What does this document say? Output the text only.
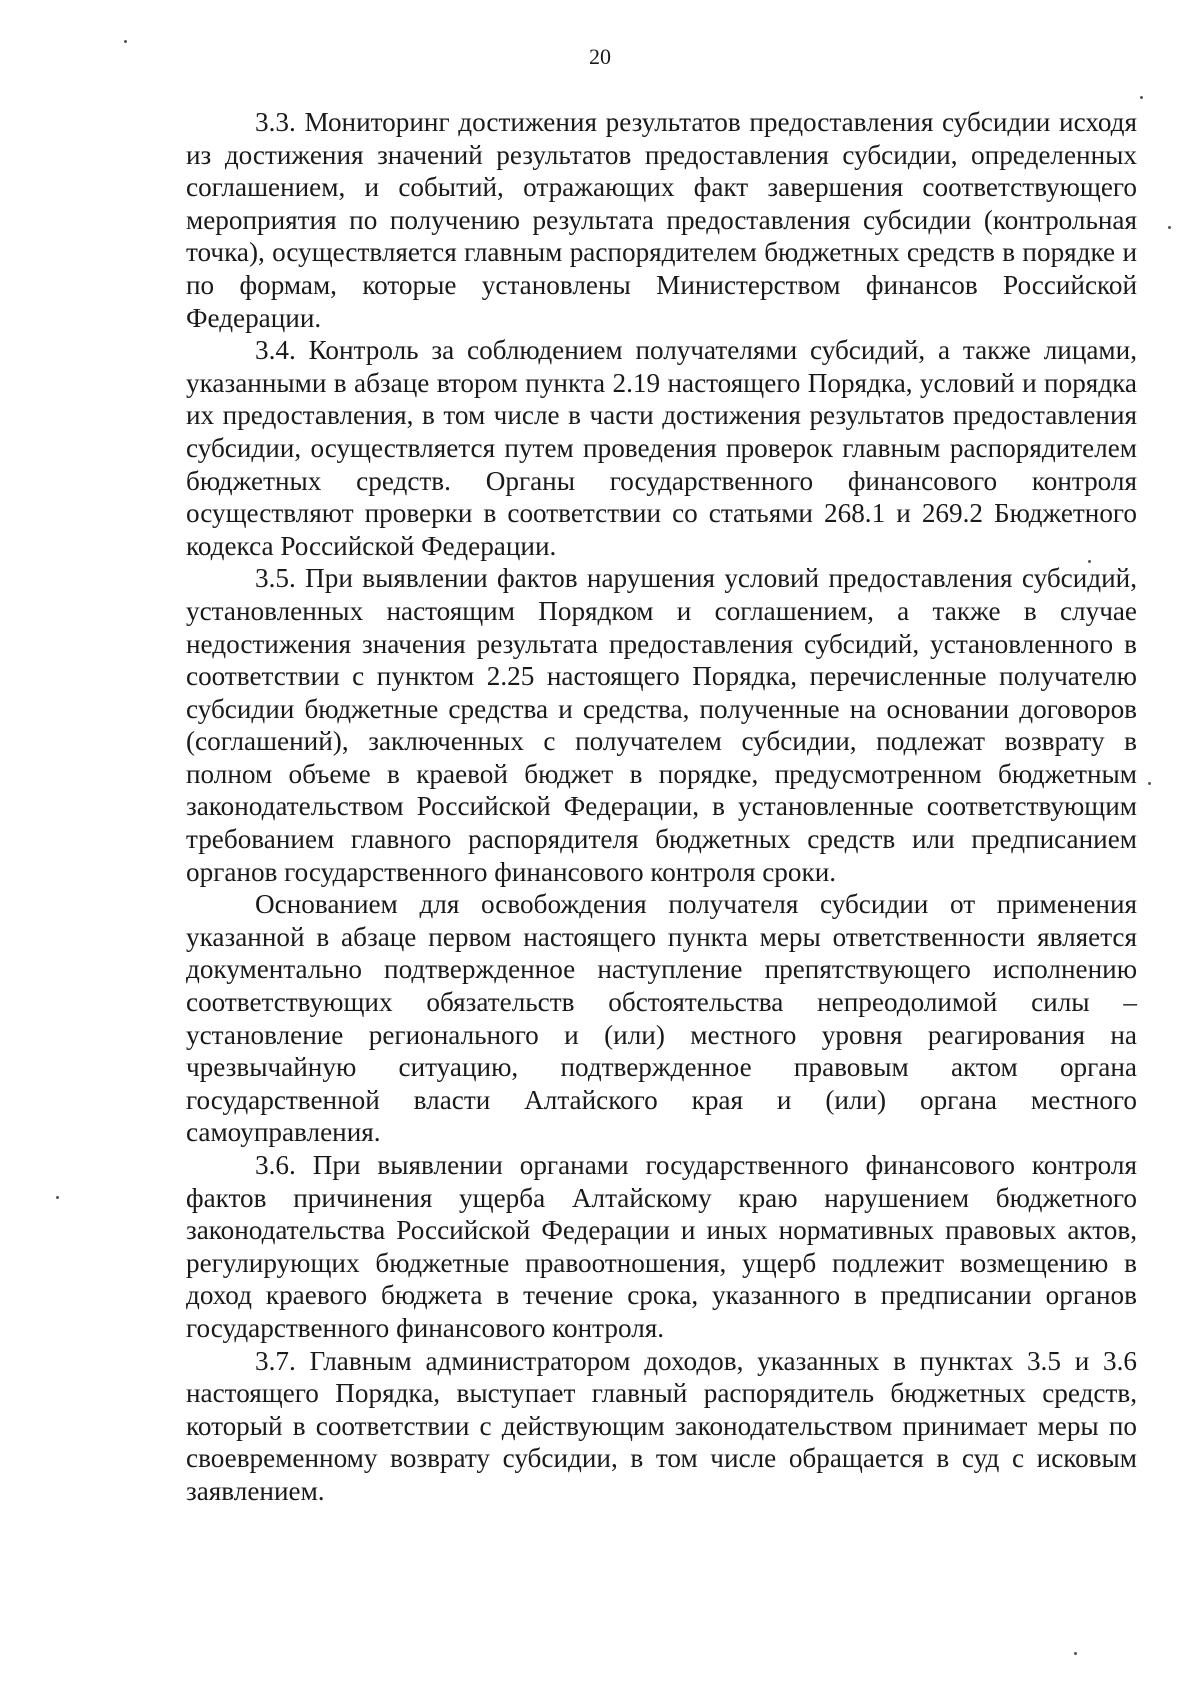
20

3.3. Мониторинг достижения результатов предоставления субсидии исходя из достижения значений результатов предоставления субсидии, определенных соглашением, и событий, отражающих факт завершения соответствующего мероприятия по получению результата предоставления субсидии (контрольная точка), осуществляется главным распорядителем бюджетных средств в порядке и по формам, которые установлены Министерством финансов Российской Федерации.

3.4. Контроль за соблюдением получателями субсидий, а также лицами, указанными в абзаце втором пункта 2.19 настоящего Порядка, условий и порядка их предоставления, в том числе в части достижения результатов предоставления субсидии, осуществляется путем проведения проверок главным распорядителем бюджетных средств. Органы государственного финансового контроля осуществляют проверки в соответствии со статьями 268.1 и 269.2 Бюджетного кодекса Российской Федерации.

3.5. При выявлении фактов нарушения условий предоставления субсидий, установленных настоящим Порядком и соглашением, а также в случае недостижения значения результата предоставления субсидий, установленного в соответствии с пунктом 2.25 настоящего Порядка, перечисленные получателю субсидии бюджетные средства и средства, полученные на основании договоров (соглашений), заключенных с получателем субсидии, подлежат возврату в полном объеме в краевой бюджет в порядке, предусмотренном бюджетным законодательством Российской Федерации, в установленные соответствующим требованием главного распорядителя бюджетных средств или предписанием органов государственного финансового контроля сроки.

Основанием для освобождения получателя субсидии от применения указанной в абзаце первом настоящего пункта меры ответственности является документально подтвержденное наступление препятствующего исполнению соответствующих обязательств обстоятельства непреодолимой силы – установление регионального и (или) местного уровня реагирования на чрезвычайную ситуацию, подтвержденное правовым актом органа государственной власти Алтайского края и (или) органа местного самоуправления.

3.6. При выявлении органами государственного финансового контроля фактов причинения ущерба Алтайскому краю нарушением бюджетного законодательства Российской Федерации и иных нормативных правовых актов, регулирующих бюджетные правоотношения, ущерб подлежит возмещению в доход краевого бюджета в течение срока, указанного в предписании органов государственного финансового контроля.

3.7. Главным администратором доходов, указанных в пунктах 3.5 и 3.6 настоящего Порядка, выступает главный распорядитель бюджетных средств, который в соответствии с действующим законодательством принимает меры по своевременному возврату субсидии, в том числе обращается в суд с исковым заявлением.
